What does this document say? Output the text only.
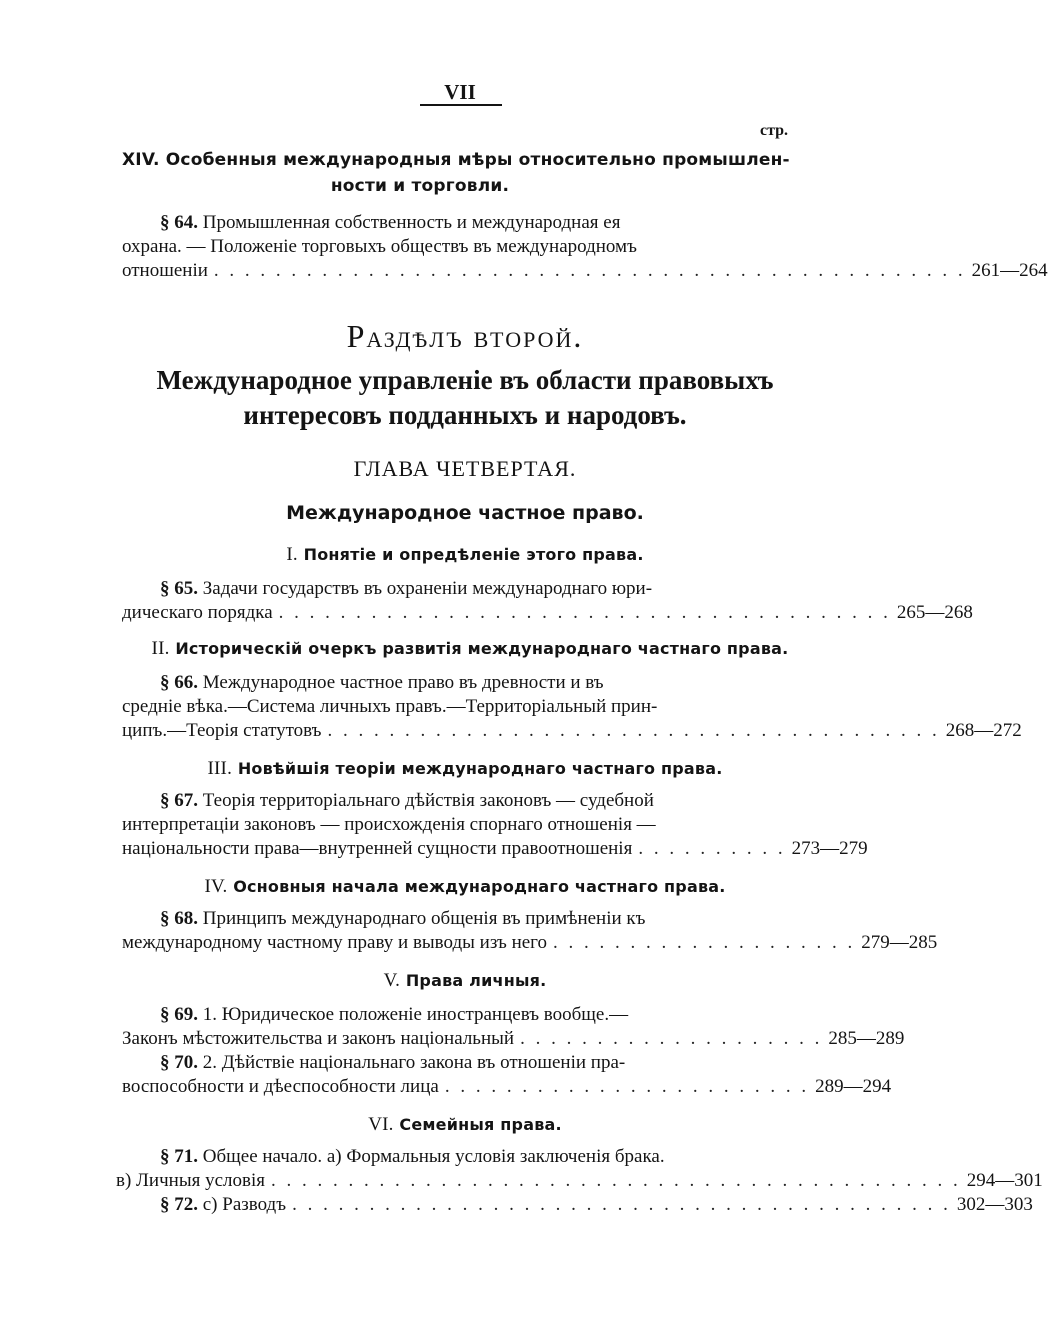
VII
стр.
XIV. Особенныя международныя мѣры относительно промышлен-
ности и торговли.
§ 64. Промышленная собственность и международная ея
охрана. — Положеніе торговыхъ обществъ въ международномъ
отношеніи . . . . . . . . . . . . . . . . . . . . . . . . . . . . . . . . . . . . . . . . . . . . . . . . . 261—264
Раздѣлъ второй.
Международное управленіе въ области правовыхъ
интересовъ подданныхъ и народовъ.
ГЛАВА ЧЕТВЕРТАЯ.
Международное частное право.
I. Понятіе и опредѣленіе этого права.
§ 65. Задачи государствъ въ охраненіи международнаго юри-
дическаго порядка . . . . . . . . . . . . . . . . . . . . . . . . . . . . . . . . . . . . . . . . 265—268
II. Историческій очеркъ развитія международнаго частнаго права.
§ 66. Международное частное право въ древности и въ
средніе вѣка.—Система личныхъ правъ.—Территоріальный прин-
ципъ.—Теорія статутовъ . . . . . . . . . . . . . . . . . . . . . . . . . . . . . . . . . . . . . . . . 268—272
III. Новѣйшія теоріи международнаго частнаго права.
§ 67. Теорія территоріальнаго дѣйствія законовъ — судебной
интерпретаціи законовъ — происхожденія спорнаго отношенія —
національности права—внутренней сущности правоотношенія . . . . . . . . . . 273—279
IV. Основныя начала международнаго частнаго права.
§ 68. Принципъ международнаго общенія въ примѣненіи къ
международному частному праву и выводы изъ него . . . . . . . . . . . . . . . . . . . . 279—285
V. Права личныя.
§ 69. 1. Юридическое положеніе иностранцевъ вообще.—
Законъ мѣстожительства и законъ національный . . . . . . . . . . . . . . . . . . . . 285—289
§ 70. 2. Дѣйствіе національнаго закона въ отношеніи пра-
воспособности и дѣеспособности лица . . . . . . . . . . . . . . . . . . . . . . . . 289—294
VI. Семейныя права.
§ 71. Общее начало. а) Формальныя условія заключенія брака.
в) Личныя условія . . . . . . . . . . . . . . . . . . . . . . . . . . . . . . . . . . . . . . . . . . . . . 294—301
§ 72. с) Разводъ . . . . . . . . . . . . . . . . . . . . . . . . . . . . . . . . . . . . . . . . . . . 302—303
